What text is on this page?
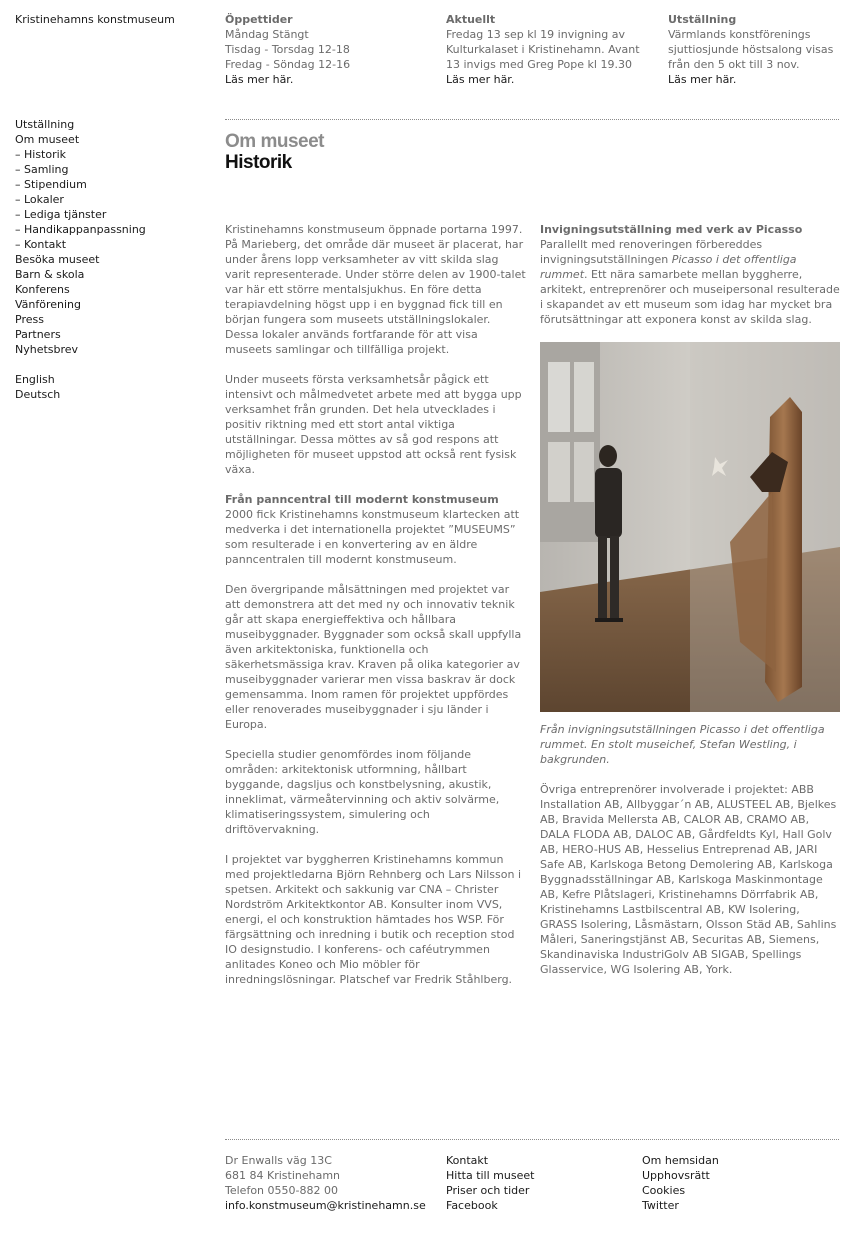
Kristinehamns konstmuseum	Öppettider
Måndag Stängt
Tisdag - Torsdag 12-18
Fredag - Söndag 12-16
Läs mer här.
Aktuellt
Fredag 13 sep kl 19 invigning av
Kulturkalaset i Kristinehamn. Avant
13 invigs med Greg Pope kl 19.30
Läs mer här.
Utställning
Värmlands konstförenings
sjuttiosjunde höstsalong visas
från den 5 okt till 3 nov.
Läs mer här.
Utställning
Om museet
– Historik
– Samling
– Stipendium
– Lokaler
– Lediga tjänster
– Handikappanpassning
– Kontakt
Besöka museet
Barn & skola
Konferens
Vänförening
Press
Partners
Nyhetsbrev
English
Deutsch
Om museet
Historik

Kristinehamns konstmuseum öppnade portarna 1997. På Marieberg, det område där museet är placerat, har under årens lopp verksamheter av vitt skilda slag varit representerade. Under större delen av 1900-talet var här ett större mentalsjukhus. En före detta terapiavdelning högst upp i en byggnad fick till en början fungera som museets utställningslokaler. Dessa lokaler används fortfarande för att visa museets samlingar och tillfälliga projekt.

Under museets första verksamhetsår pågick ett intensivt och målmedvetet arbete med att bygga upp verksamhet från grunden. Det hela utvecklades i positiv riktning med ett stort antal viktiga utställningar. Dessa möttes av så god respons att möjligheten för museet uppstod att också rent fysisk växa.

Från panncentral till modernt konstmuseum
2000 fick Kristinehamns konstmuseum klartecken att medverka i det internationella projektet ”MUSEUMS” som resulterade i en konvertering av en äldre panncentralen till modernt konstmuseum.

Den övergripande målsättningen med projektet var att demonstrera att det med ny och innovativ teknik går att skapa energieffektiva och hållbara museibyggnader. Byggnader som också skall uppfylla även arkitektoniska, funktionella och säkerhetsmässiga krav. Kraven på olika kategorier av museibyggnader varierar men vissa baskrav är dock gemensamma. Inom ramen för projektet uppfördes eller renoverades museibyggnader i sju länder i Europa.

Speciella studier genomfördes inom följande områden: arkitektonisk utformning, hållbart byggande, dagsljus och konstbelysning, akustik, inneklimat, värmeåtervinning och aktiv solvärme, klimatiseringssystem, simulering och driftövervakning.

I projektet var byggherren Kristinehamns kommun med projektledarna Björn Rehnberg och Lars Nilsson i spetsen. Arkitekt och sakkunig var CNA – Christer Nordström Arkitektkontor AB. Konsulter inom VVS, energi, el och konstruktion hämtades hos WSP. För färgsättning och inredning i butik och reception stod IO designstudio. I konferens- och caféutrymmen anlitades Koneo och Mio möbler för inredningslösningar. Platschef var Fredrik Ståhlberg.

Invigningsutställning med verk av Picasso
Parallellt med renoveringen förbereddes invigningsutställningen Picasso i det offentliga rummet. Ett nära samarbete mellan byggherre, arkitekt, entreprenörer och museipersonal resulterade i skapandet av ett museum som idag har mycket bra förutsättningar att exponera konst av skilda slag.

Från invigningsutställningen Picasso i det offentliga rummet. En stolt museichef, Stefan Westling, i bakgrunden.

Övriga entreprenörer involverade i projektet: ABB Installation AB, Allbyggar´n AB, ALUSTEEL AB, Bjelkes AB, Bravida Mellersta AB, CALOR AB, CRAMO AB, DALA FLODA AB, DALOC AB, Gårdfeldts Kyl, Hall Golv AB, HERO-HUS AB, Hesselius Entreprenad AB, JARI Safe AB, Karlskoga Betong Demolering AB, Karlskoga Byggnadsställningar AB, Karlskoga Maskinmontage AB, Kefre Plåtslageri, Kristinehamns Dörrfabrik AB, Kristinehamns Lastbilscentral AB, KW Isolering, GRASS Isolering, Låsmästarn, Olsson Städ AB, Sahlins Måleri, Saneringstjänst AB, Securitas AB, Siemens, Skandinaviska IndustriGolv AB SIGAB, Spellings Glasservice, WG Isolering AB, York.

Dr Enwalls väg 13C
681 84 Kristinehamn
Telefon 0550-882 00
info.konstmuseum@kristinehamn.se
Kontakt
Hitta till museet
Priser och tider
Facebook
Om hemsidan
Upphovsrätt
Cookies
Twitter
